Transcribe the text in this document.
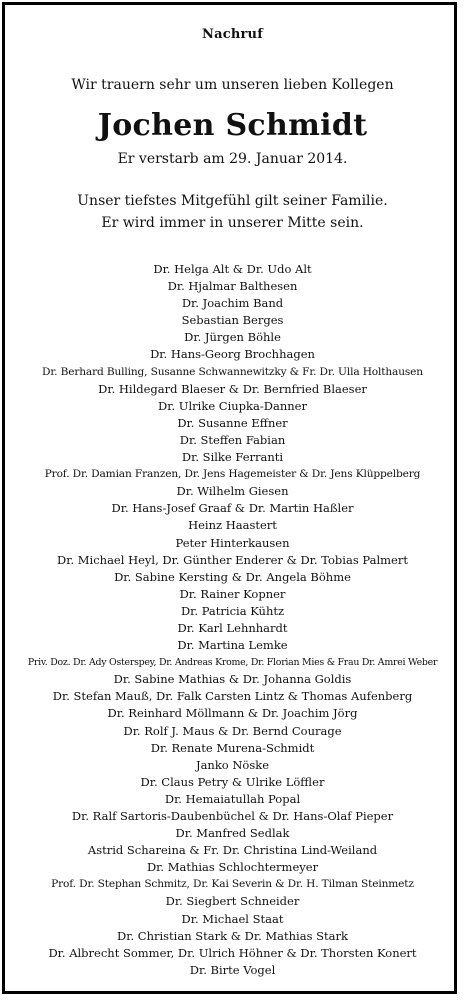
Nachruf
Wir trauern sehr um unseren lieben Kollegen
Jochen Schmidt
Er verstarb am 29. Januar 2014.
Unser tiefstes Mitgefühl gilt seiner Familie.
Er wird immer in unserer Mitte sein.
Dr. Helga Alt & Dr. Udo Alt
Dr. Hjalmar Balthesen
Dr. Joachim Band
Sebastian Berges
Dr. Jürgen Böhle
Dr. Hans-Georg Brochhagen
Dr. Berhard Bulling, Susanne Schwannewitzky & Fr. Dr. Ulla Holthausen
Dr. Hildegard Blaeser & Dr. Bernfried Blaeser
Dr. Ulrike Ciupka-Danner
Dr. Susanne Effner
Dr. Steffen Fabian
Dr. Silke Ferranti
Prof. Dr. Damian Franzen, Dr. Jens Hagemeister & Dr. Jens Klüppelberg
Dr. Wilhelm Giesen
Dr. Hans-Josef Graaf & Dr. Martin Haßler
Heinz Haastert
Peter Hinterkausen
Dr. Michael Heyl, Dr. Günther Enderer & Dr. Tobias Palmert
Dr. Sabine Kersting & Dr. Angela Böhme
Dr. Rainer Kopner
Dr. Patricia Kühtz
Dr. Karl Lehnhardt
Dr. Martina Lemke
Priv. Doz. Dr. Ady Osterspey, Dr. Andreas Krome, Dr. Florian Mies & Frau Dr. Amrei Weber
Dr. Sabine Mathias & Dr. Johanna Goldis
Dr. Stefan Mauß, Dr. Falk Carsten Lintz & Thomas Aufenberg
Dr. Reinhard Möllmann & Dr. Joachim Jörg
Dr. Rolf J. Maus & Dr. Bernd Courage
Dr. Renate Murena-Schmidt
Janko Nöske
Dr. Claus Petry & Ulrike Löffler
Dr. Hemaiatullah Popal
Dr. Ralf Sartoris-Daubenbüchel & Dr. Hans-Olaf Pieper
Dr. Manfred Sedlak
Astrid Schareina & Fr. Dr. Christina Lind-Weiland
Dr. Mathias Schlochtermeyer
Prof. Dr. Stephan Schmitz, Dr. Kai Severin & Dr. H. Tilman Steinmetz
Dr. Siegbert Schneider
Dr. Michael Staat
Dr. Christian Stark & Dr. Mathias Stark
Dr. Albrecht Sommer, Dr. Ulrich Höhner & Dr. Thorsten Konert
Dr. Birte Vogel
